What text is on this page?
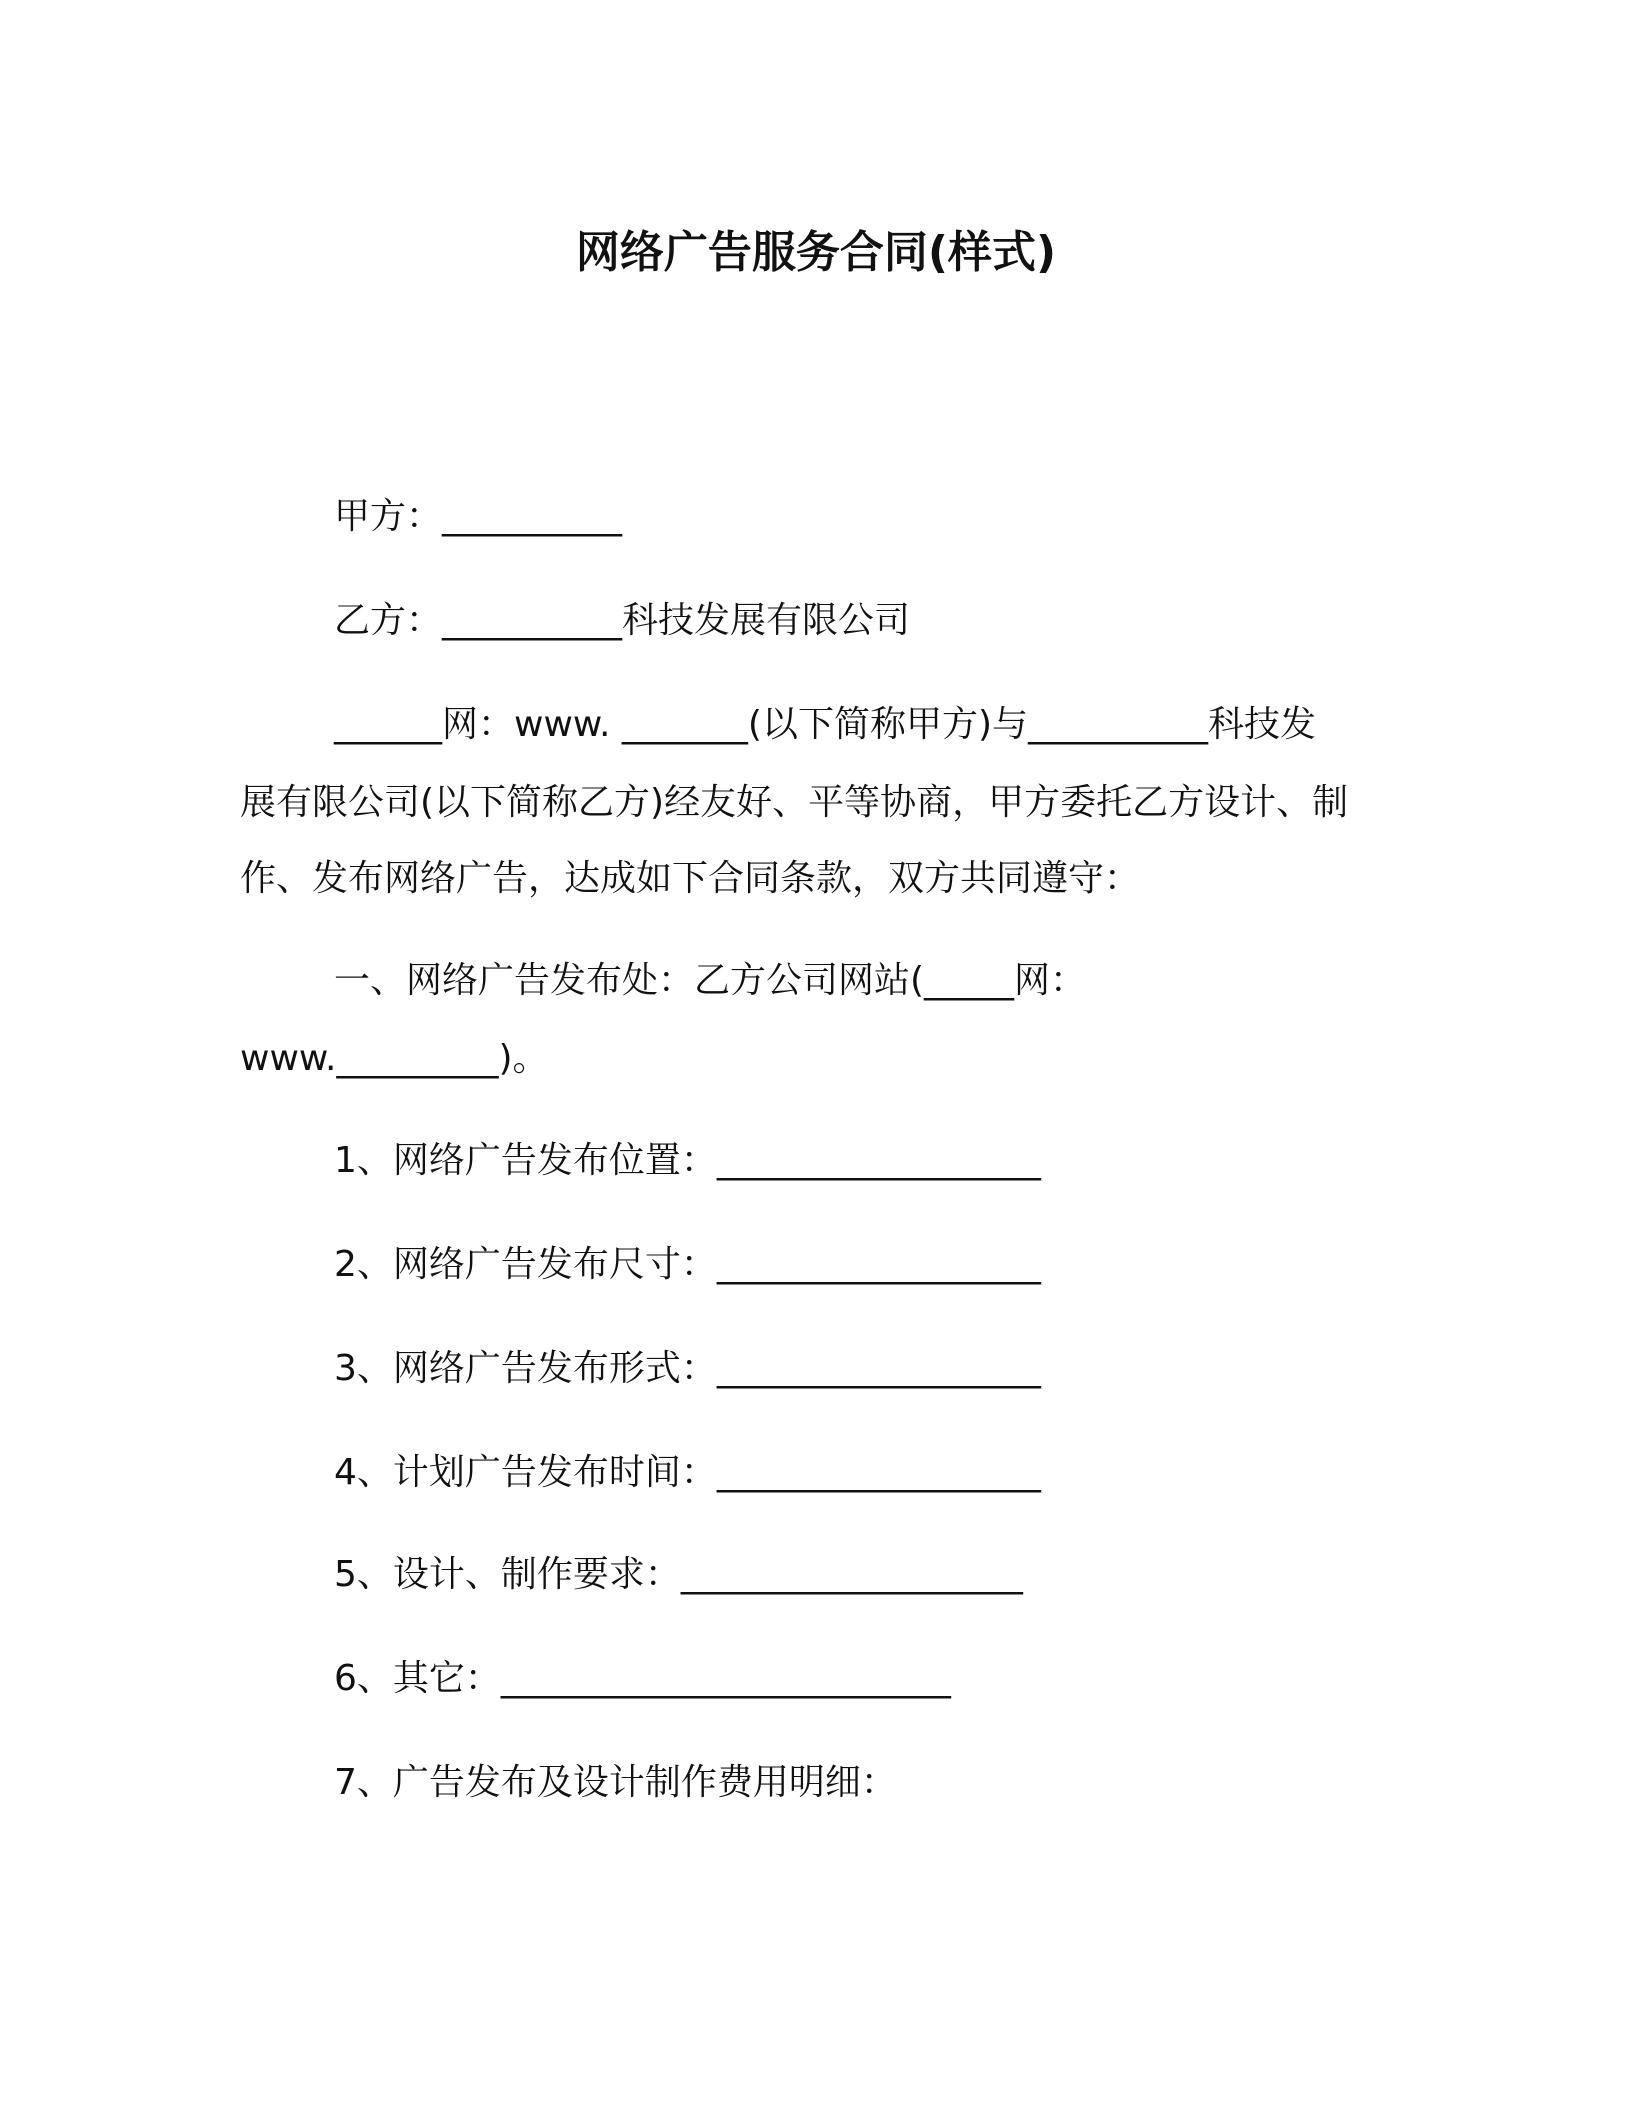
网络广告服务合同(样式)
甲方：__________
乙方：__________科技发展有限公司
______网：www. _______(以下简称甲方)与__________科技发
展有限公司(以下简称乙方)经友好、平等协商，甲方委托乙方设计、制
作、发布网络广告，达成如下合同条款，双方共同遵守：
一、网络广告发布处：乙方公司网站(_____网：
www._________)。
1、网络广告发布位置：__________________
2、网络广告发布尺寸：__________________
3、网络广告发布形式：__________________
4、计划广告发布时间：__________________
5、设计、制作要求：___________________
6、其它：_________________________
7、广告发布及设计制作费用明细：
